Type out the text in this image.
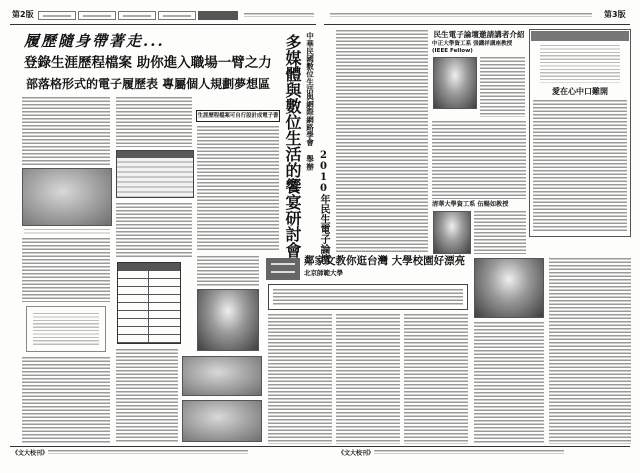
第2版	第3版
履歷隨身帶著走...
登錄生涯歷程檔案 助你進入職場一臂之力
部落格形式的電子履歷表 專屬個人規劃夢想區
生涯歷程檔案可自行設計成電子書 多媒體與數位生活的饗宴研討會 中華民國數位生活與網際網路學會 舉辦
2010年民生電子論壇
民生電子論壇邀請講者介紹
中正大學資工系 張鐵祥講座教授 (IEEE Fellow)
清華大學資工系 伍暢如教授
愛在心中口難開
鄰家文教你逛台灣 大學校園好漂亮
北京師範大學
《文大校刊》	《文大校刊》
